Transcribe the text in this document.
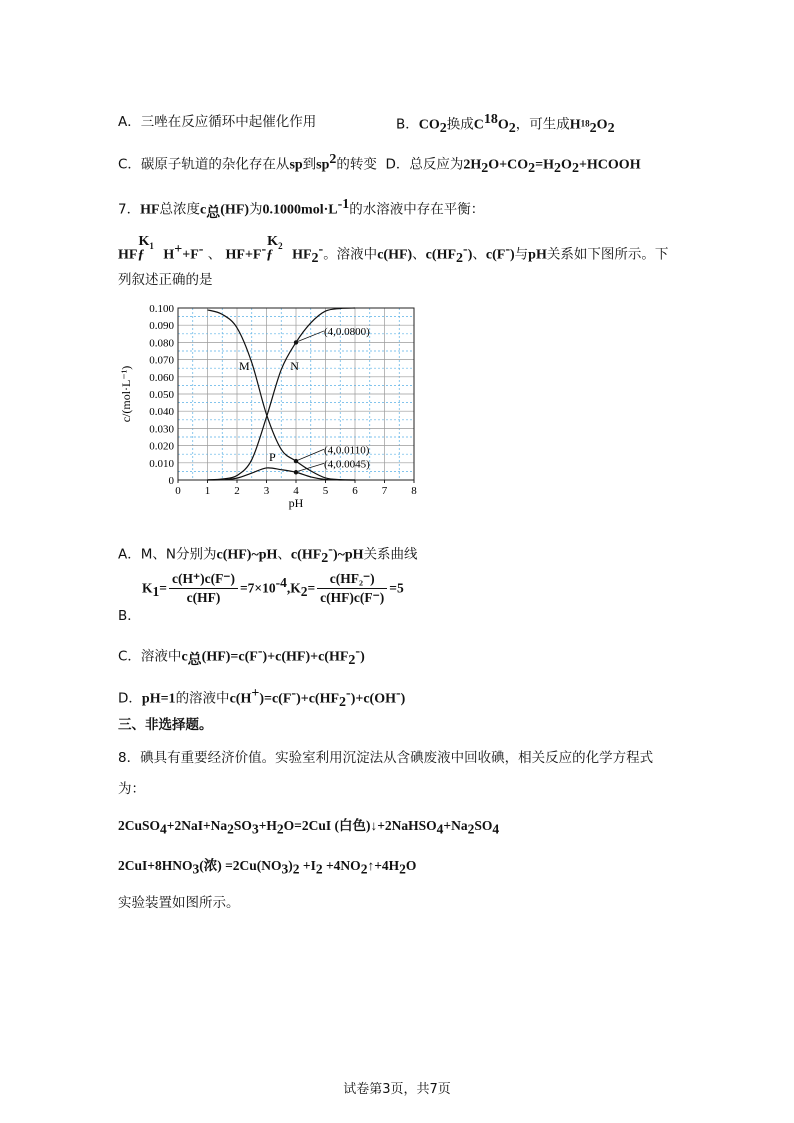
A．三唑在反应循环中起催化作用	B．$CO_2$换成$C^{18}O_2$，可生成$H_{^{18}2}O_2$
C．碳原子轨道的杂化存在从sp到$sp^2$的转变 D．总反应为$2H_2O+CO_2=H_2O_2+HCOOH$
7．HF总浓度$c_总(HF)$为$0.1000mol\cdot L^{-1}$的水溶液中存在平衡：
HFƒ$^{K_1}$ H++F- 、 $HF+F^-ƒ^{K_2}$ $HF_2^-$。溶液中c(HF)、$c(HF_2^-)$、c(F-)与pH关系如下图所示。下
列叙述正确的是
0 1 2 3 4 5 6 7 8
0
0.010
0.020
0.030
0.040
0.050
0.060
0.070
0.080
0.090
0.100
pH
c/(mol·L⁻¹)	M	N
P
(4,0.0800)
(4,0.0110)
(4,0.0045)
A．M、N分别为c(HF)~pH、$c(HF_2^-)\sim pH$关系曲线
$K_1= \frac{c(H^+)c(F^-)}{c(HF)} =7\times 10^{-4},K_2= \frac{\text{c(HF₂⁻)}}{c(HF)c(F^-)} =5$
B．
C．溶液中$c_总(HF)=c(F^-)+c(HF)+c(HF_2^-)$
D．pH=1的溶液中$c(H^+)=c(F^-)+c(HF_2^-)+c(OH^-)$
三、非选择题。
8．碘具有重要经济价值。实验室利用沉淀法从含碘废液中回收碘，相关反应的化学方程式
为：
$2CuSO_4+2NaI+Na_2SO_3+H_2O=2CuI$ (白色)$↓+2NaHSO_4+Na_2SO_4$
$2CuI+8HNO_3$(浓) $=2Cu(NO_3)_2 +I_2$ $+4NO_2↑+4H_2O$
实验装置如图所示。
试卷第3页，共7页
